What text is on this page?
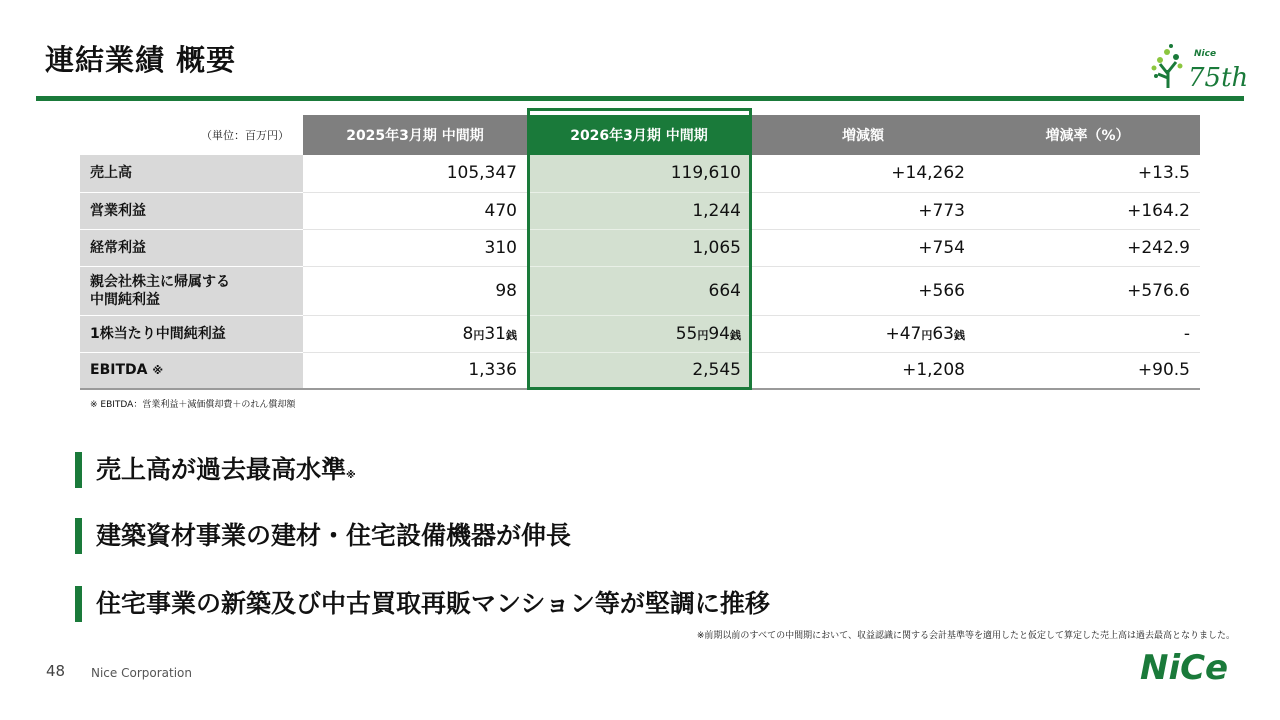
連結業績 概要	Nice
75th
（単位：百万円）	2025年3月期 中間期	2026年3月期 中間期	増減額	増減率（%）
売上高	105,347	119,610	+14,262	+13.5
営業利益	470	1,244	+773	+164.2
経常利益	310	1,065	+754	+242.9
親会社株主に帰属する
中間純利益	98	664	+566	+576.6
1株当たり中間純利益	8円31銭	55円94銭	+47円63銭	-
EBITDA ※	1,336	2,545	+1,208	+90.5
※ EBITDA：営業利益＋減価償却費＋のれん償却額
売上高が過去最高水準※
建築資材事業の建材・住宅設備機器が伸長
住宅事業の新築及び中古買取再販マンション等が堅調に推移
※前期以前のすべての中間期において、収益認識に関する会計基準等を適用したと仮定して算定した売上高は過去最高となりました。
48 Nice Corporation	NiCe
